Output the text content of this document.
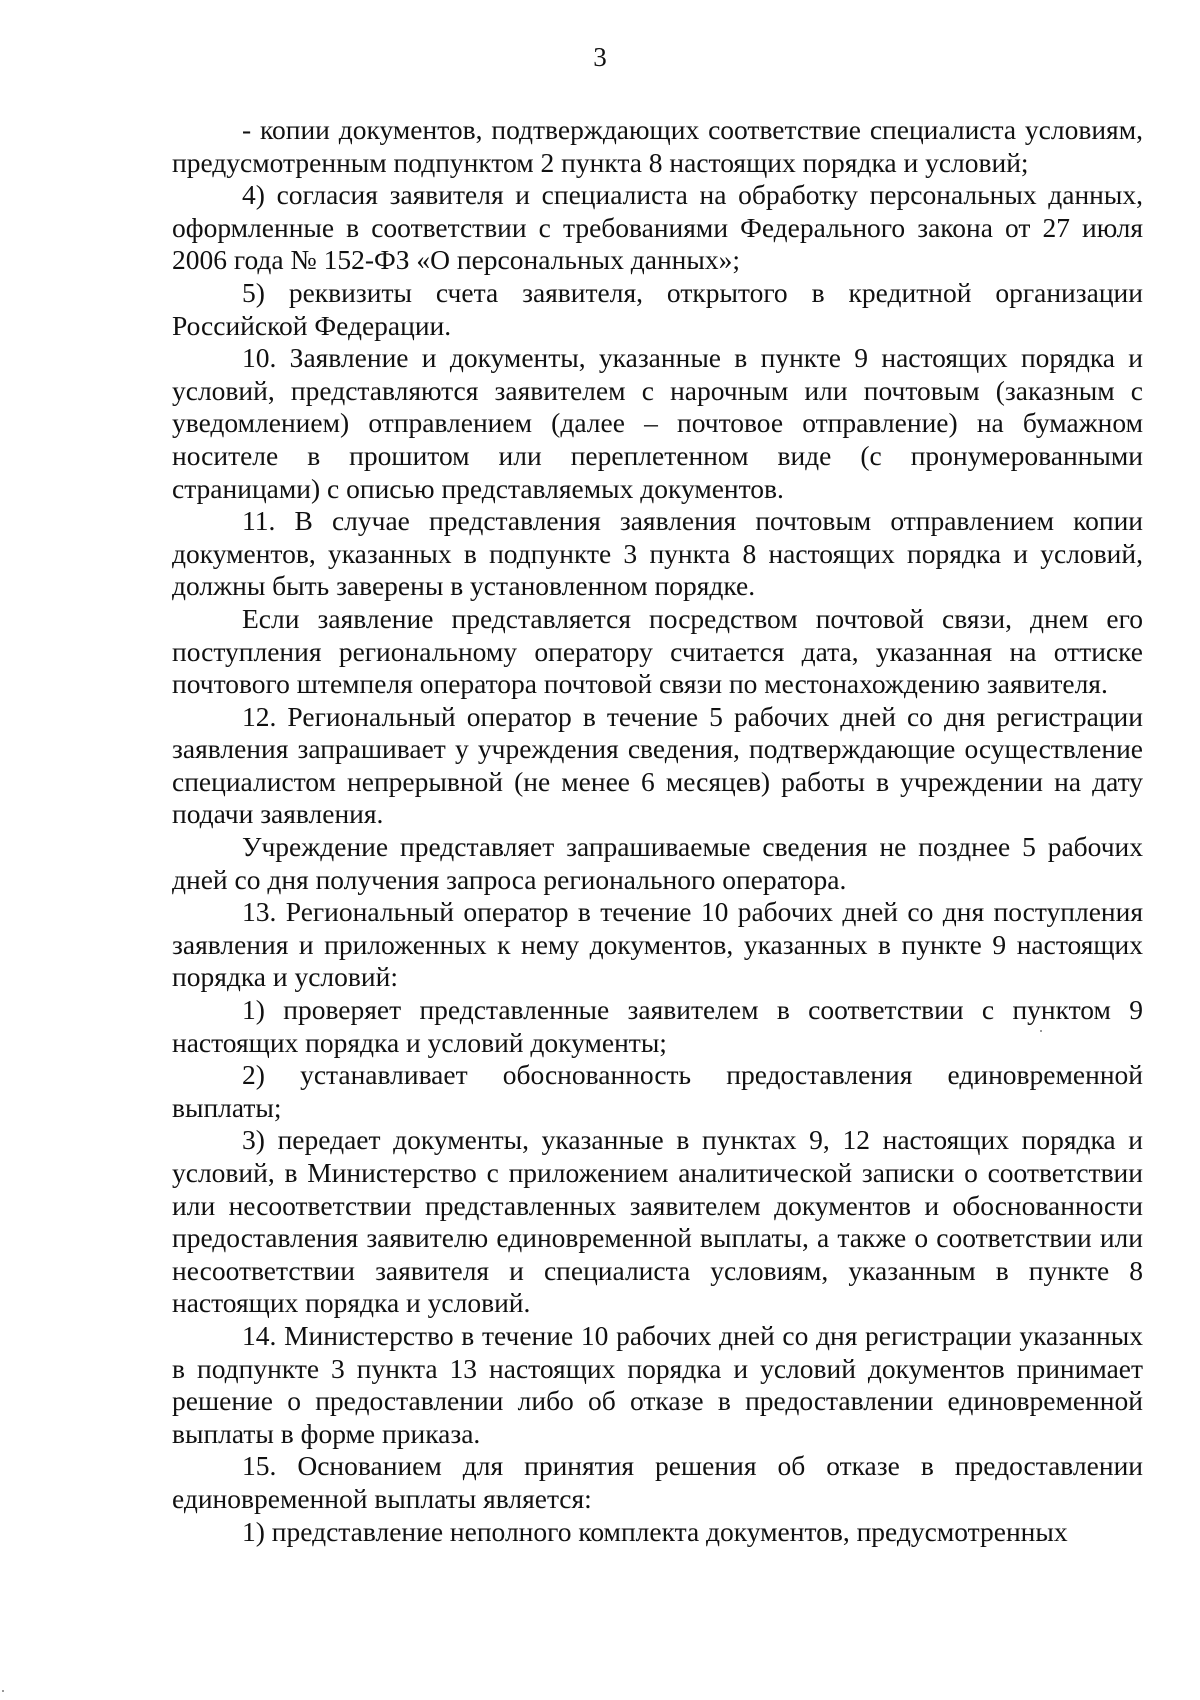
3

- копии документов, подтверждающих соответствие специалиста условиям, предусмотренным подпунктом 2 пункта 8 настоящих порядка и условий;

4) согласия заявителя и специалиста на обработку персональных данных, оформленные в соответствии с требованиями Федерального закона от 27 июля 2006 года № 152-ФЗ «О персональных данных»;

5) реквизиты счета заявителя, открытого в кредитной организации Российской Федерации.

10. Заявление и документы, указанные в пункте 9 настоящих порядка и условий, представляются заявителем с нарочным или почтовым (заказным с уведомлением) отправлением (далее – почтовое отправление) на бумажном носителе в прошитом или переплетенном виде (с пронумерованными страницами) с описью представляемых документов.

11. В случае представления заявления почтовым отправлением копии документов, указанных в подпункте 3 пункта 8 настоящих порядка и условий, должны быть заверены в установленном порядке.

Если заявление представляется посредством почтовой связи, днем его поступления региональному оператору считается дата, указанная на оттиске почтового штемпеля оператора почтовой связи по местонахождению заявителя.

12. Региональный оператор в течение 5 рабочих дней со дня регистрации заявления запрашивает у учреждения сведения, подтверждающие осуществление специалистом непрерывной (не менее 6 месяцев) работы в учреждении на дату подачи заявления.

Учреждение представляет запрашиваемые сведения не позднее 5 рабочих дней со дня получения запроса регионального оператора.

13. Региональный оператор в течение 10 рабочих дней со дня поступления заявления и приложенных к нему документов, указанных в пункте 9 настоящих порядка и условий:

1) проверяет представленные заявителем в соответствии с пунктом 9 настоящих порядка и условий документы;

2) устанавливает обоснованность предоставления единовременной выплаты;

3) передает документы, указанные в пунктах 9, 12 настоящих порядка и условий, в Министерство с приложением аналитической записки о соответствии или несоответствии представленных заявителем документов и обоснованности предоставления заявителю единовременной выплаты, а также о соответствии или несоответствии заявителя и специалиста условиям, указанным в пункте 8 настоящих порядка и условий.

14. Министерство в течение 10 рабочих дней со дня регистрации указанных в подпункте 3 пункта 13 настоящих порядка и условий документов принимает решение о предоставлении либо об отказе в предоставлении единовременной выплаты в форме приказа.

15. Основанием для принятия решения об отказе в предоставлении единовременной выплаты является:

1) представление неполного комплекта документов, предусмотренных
